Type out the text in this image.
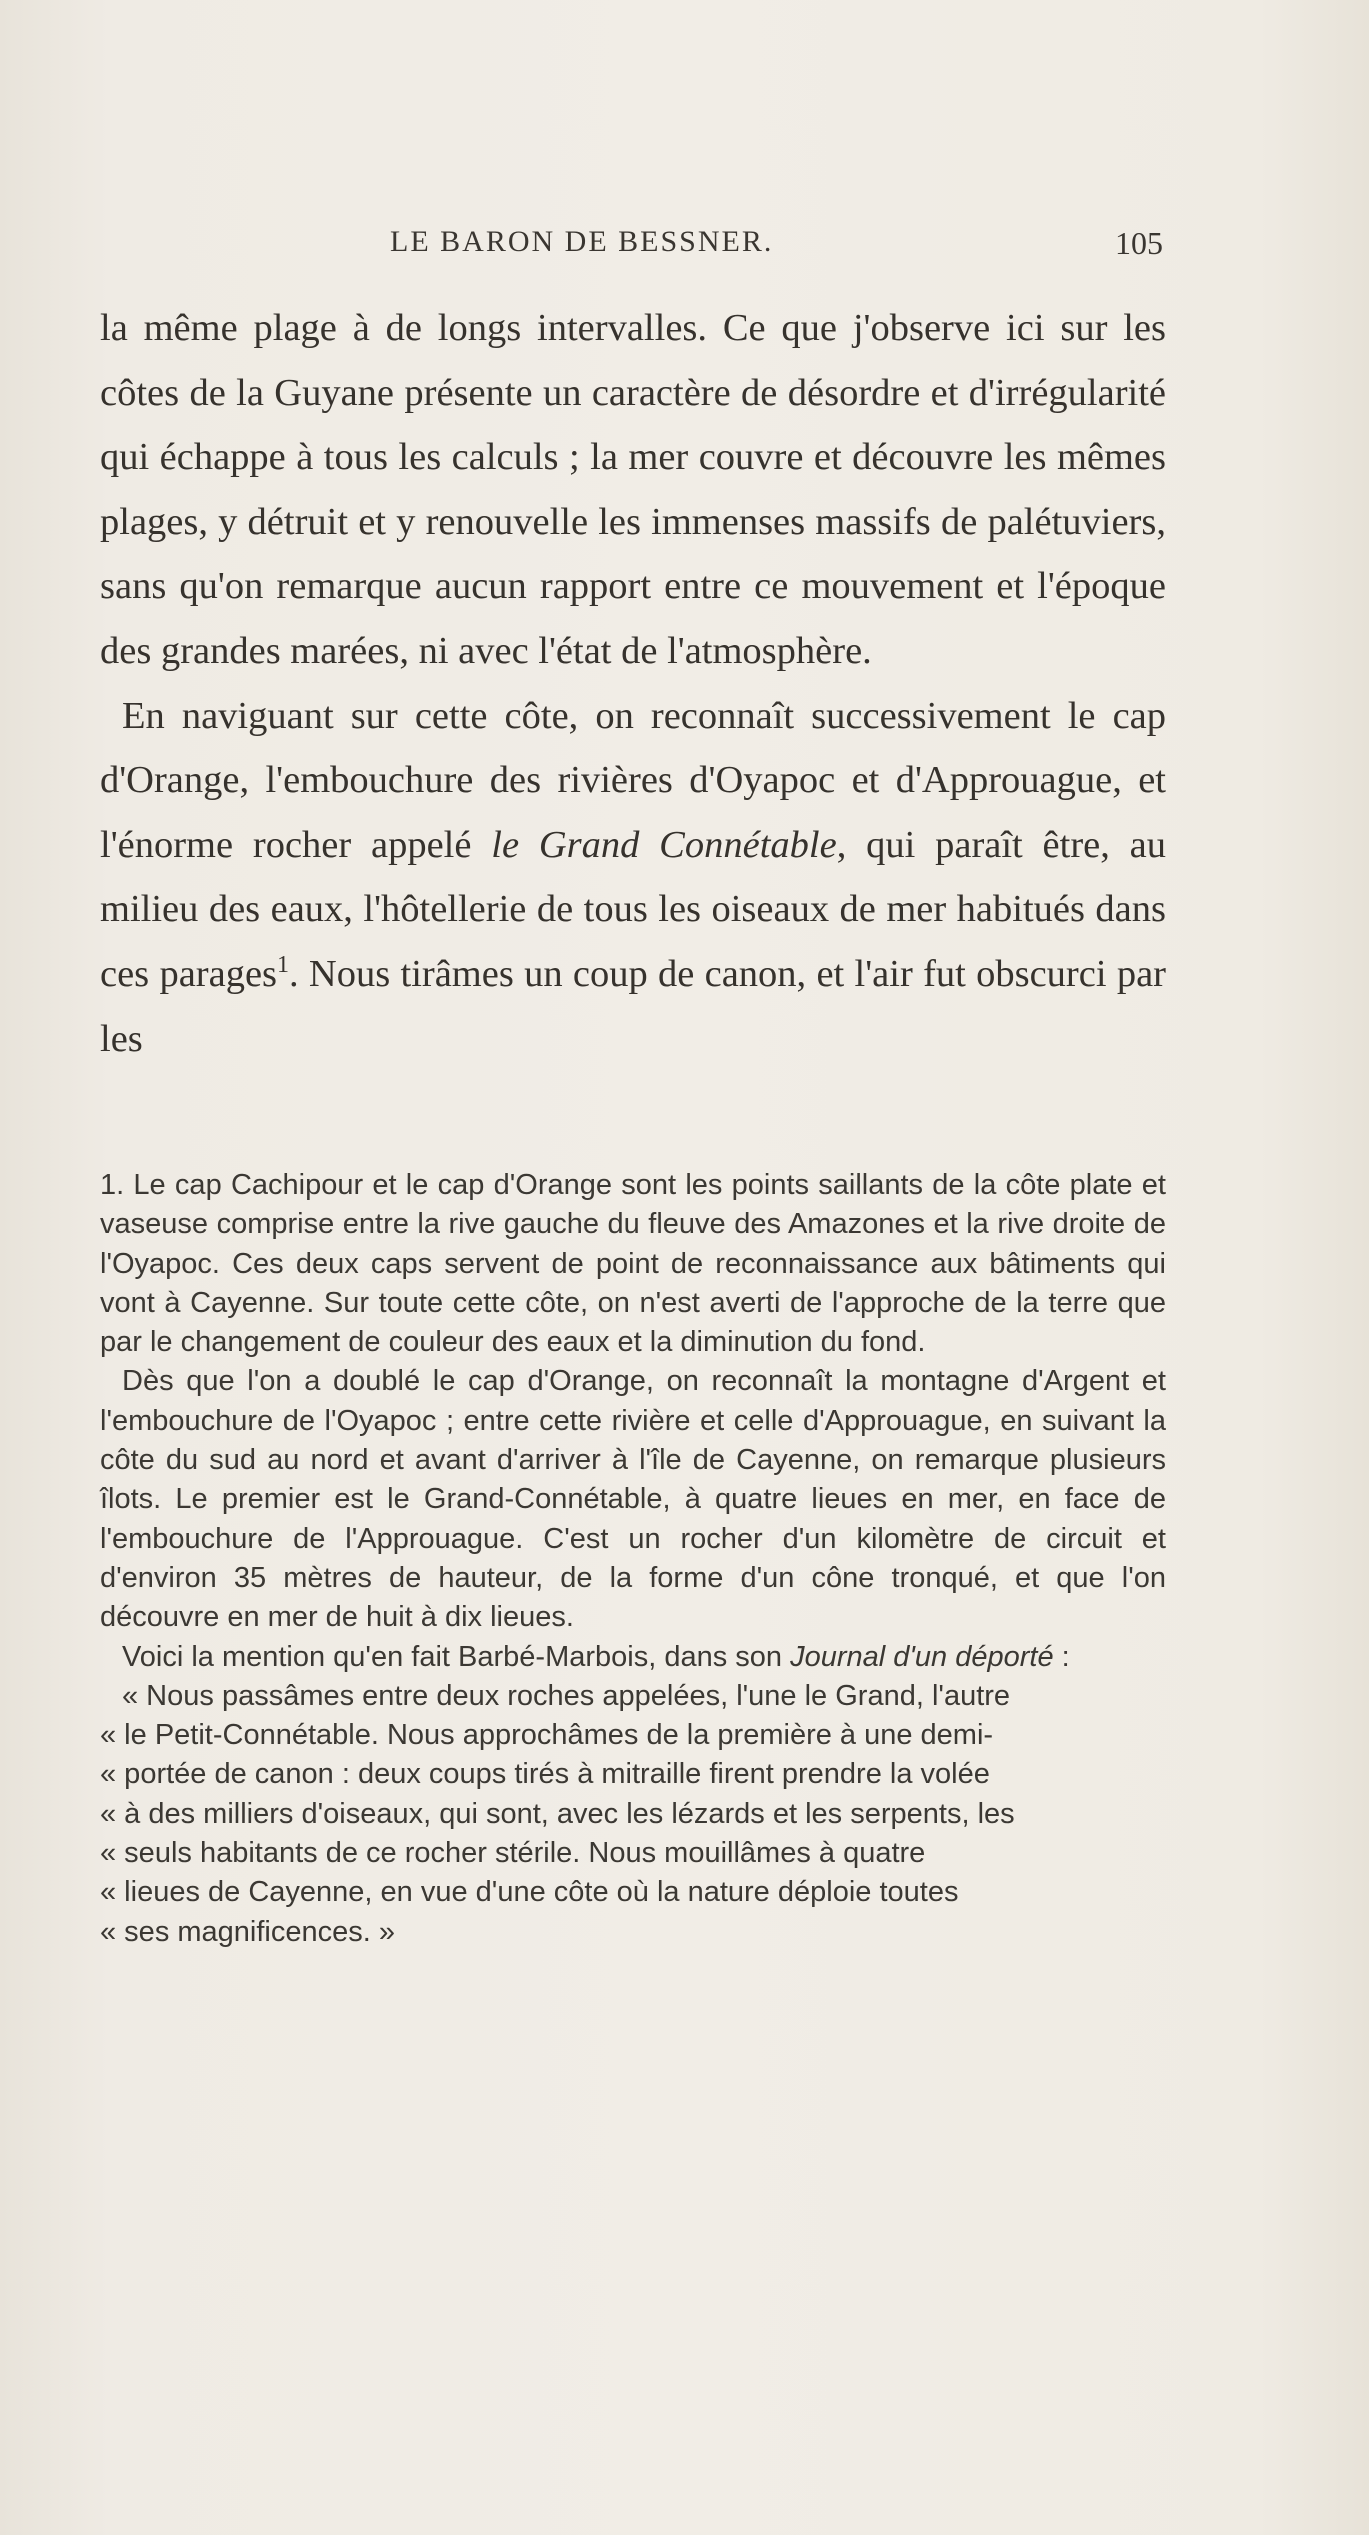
LE BARON DE BESSNER.	105

la même plage à de longs intervalles. Ce que j'observe ici sur les côtes de la Guyane présente un caractère de désordre et d'irrégularité qui échappe à tous les calculs ; la mer couvre et découvre les mêmes plages, y détruit et y renouvelle les immenses massifs de palétuviers, sans qu'on remarque aucun rapport entre ce mouvement et l'époque des grandes marées, ni avec l'état de l'atmosphère.

En naviguant sur cette côte, on reconnaît successivement le cap d'Orange, l'embouchure des rivières d'Oyapoc et d'Approuague, et l'énorme rocher appelé le Grand Connétable, qui paraît être, au milieu des eaux, l'hôtellerie de tous les oiseaux de mer habitués dans ces parages$^1$. Nous tirâmes un coup de canon, et l'air fut obscurci par les

1. Le cap Cachipour et le cap d'Orange sont les points saillants de la côte plate et vaseuse comprise entre la rive gauche du fleuve des Amazones et la rive droite de l'Oyapoc. Ces deux caps servent de point de reconnaissance aux bâtiments qui vont à Cayenne. Sur toute cette côte, on n'est averti de l'approche de la terre que par le changement de couleur des eaux et la diminution du fond.

Dès que l'on a doublé le cap d'Orange, on reconnaît la montagne d'Argent et l'embouchure de l'Oyapoc ; entre cette rivière et celle d'Approuague, en suivant la côte du sud au nord et avant d'arriver à l'île de Cayenne, on remarque plusieurs îlots. Le premier est le Grand-Connétable, à quatre lieues en mer, en face de l'embouchure de l'Approuague. C'est un rocher d'un kilomètre de circuit et d'environ 35 mètres de hauteur, de la forme d'un cône tronqué, et que l'on découvre en mer de huit à dix lieues.

Voici la mention qu'en fait Barbé-Marbois, dans son Journal d'un déporté :

« Nous passâmes entre deux roches appelées, l'une le Grand, l'autre

« le Petit-Connétable. Nous approchâmes de la première à une demi-

« portée de canon : deux coups tirés à mitraille firent prendre la volée

« à des milliers d'oiseaux, qui sont, avec les lézards et les serpents, les

« seuls habitants de ce rocher stérile. Nous mouillâmes à quatre

« lieues de Cayenne, en vue d'une côte où la nature déploie toutes

« ses magnificences. »
